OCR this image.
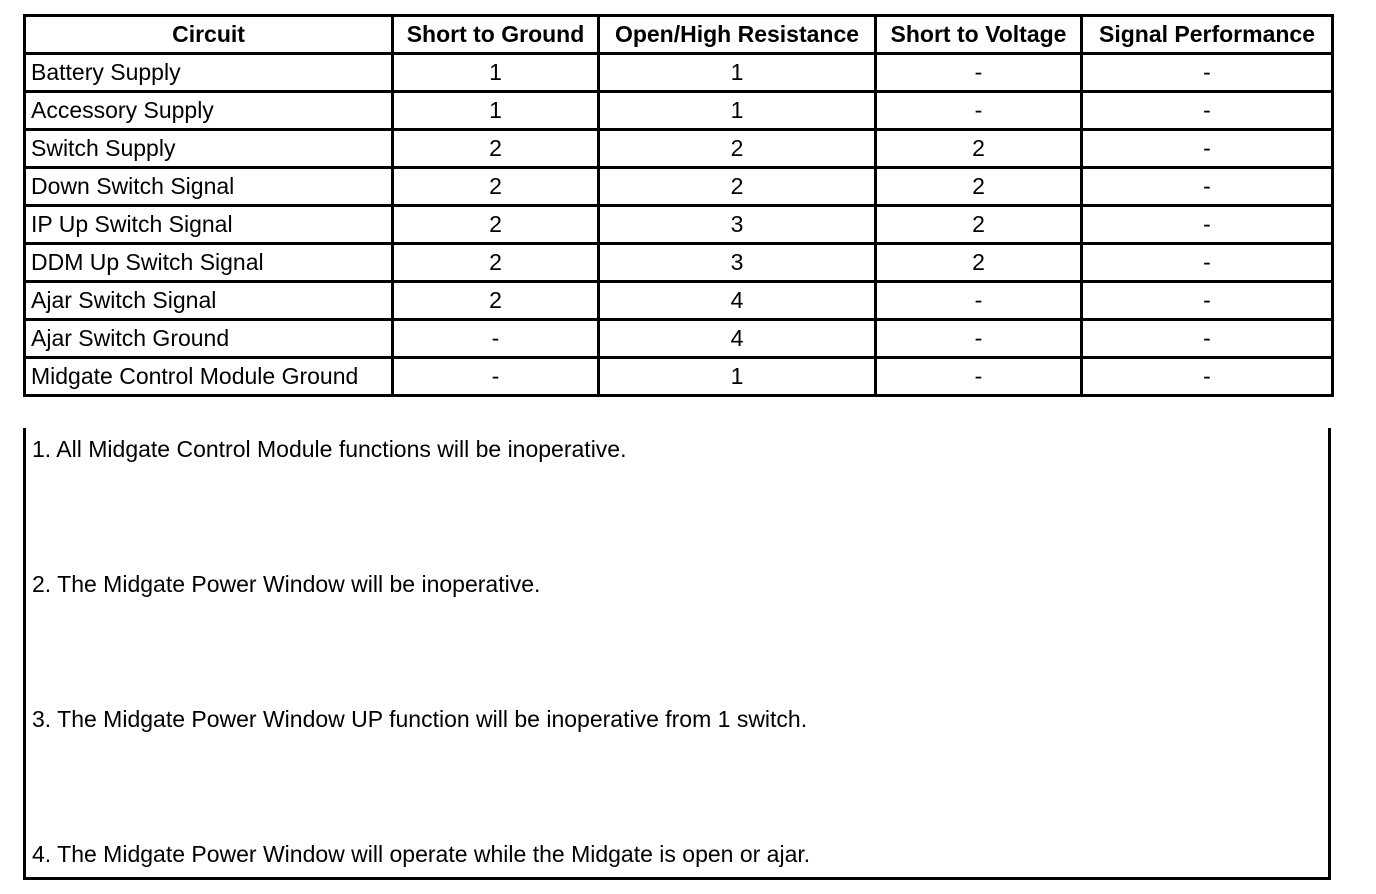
Circuit	Short to Ground	Open/High Resistance	Short to Voltage	Signal Performance
Battery Supply	1	1	-	-
Accessory Supply	1	1	-	-
Switch Supply	2	2	2	-
Down Switch Signal	2	2	2	-
IP Up Switch Signal	2	3	2	-
DDM Up Switch Signal	2	3	2	-
Ajar Switch Signal	2	4	-	-
Ajar Switch Ground	-	4	-	-
Midgate Control Module Ground	-	1	-	-
1. All Midgate Control Module functions will be inoperative.
2. The Midgate Power Window will be inoperative.
3. The Midgate Power Window UP function will be inoperative from 1 switch.
4. The Midgate Power Window will operate while the Midgate is open or ajar.
